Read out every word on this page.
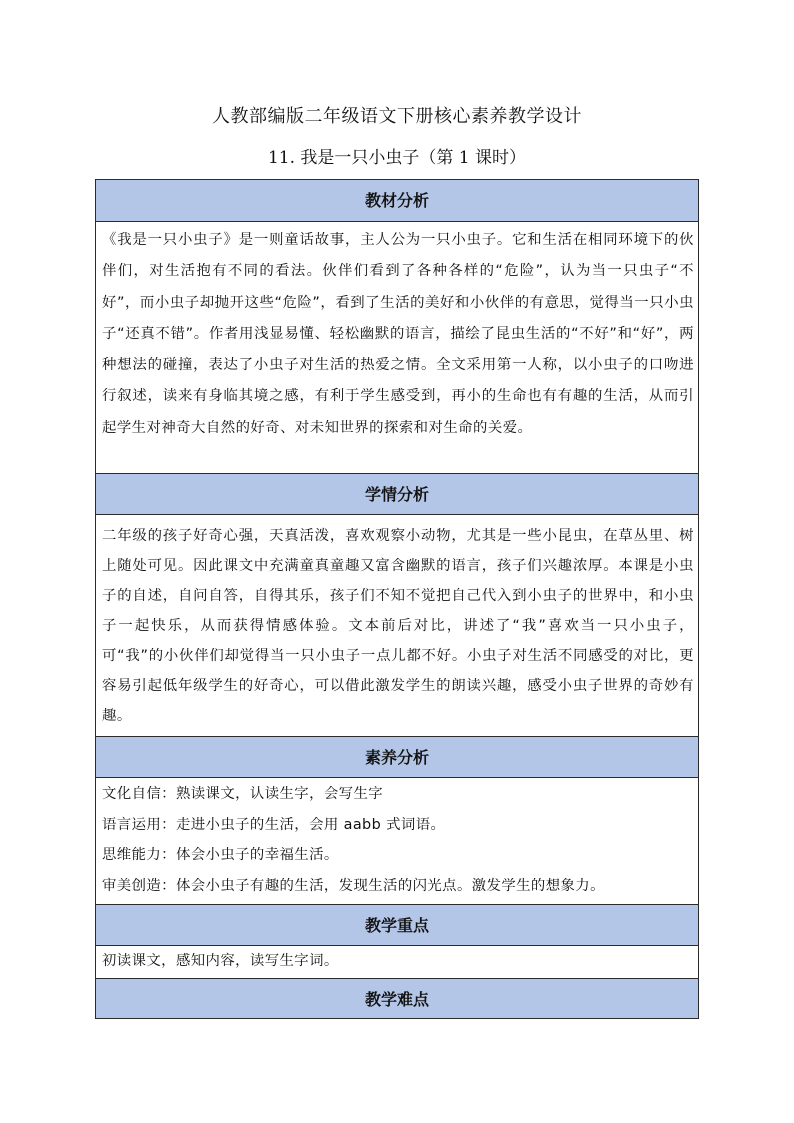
人教部编版二年级语文下册核心素养教学设计
11. 我是一只小虫子（第 1 课时）
教材分析

《我是一只小虫子》是一则童话故事，主人公为一只小虫子。它和生活在相同环境下的伙伴们，对生活抱有不同的看法。伙伴们看到了各种各样的“危险”，认为当一只虫子“不好”，而小虫子却抛开这些“危险”，看到了生活的美好和小伙伴的有意思，觉得当一只小虫子“还真不错”。作者用浅显易懂、轻松幽默的语言，描绘了昆虫生活的“不好”和“好”，两种想法的碰撞，表达了小虫子对生活的热爱之情。全文采用第一人称，以小虫子的口吻进行叙述，读来有身临其境之感，有利于学生感受到，再小的生命也有有趣的生活，从而引起学生对神奇大自然的好奇、对未知世界的探索和对生命的关爱。

学情分析

二年级的孩子好奇心强，天真活泼，喜欢观察小动物，尤其是一些小昆虫，在草丛里、树上随处可见。因此课文中充满童真童趣又富含幽默的语言，孩子们兴趣浓厚。本课是小虫子的自述，自问自答，自得其乐，孩子们不知不觉把自己代入到小虫子的世界中，和小虫子一起快乐，从而获得情感体验。文本前后对比，讲述了“我”喜欢当一只小虫子，可“我”的小伙伴们却觉得当一只小虫子一点儿都不好。小虫子对生活不同感受的对比，更容易引起低年级学生的好奇心，可以借此激发学生的朗读兴趣，感受小虫子世界的奇妙有趣。

素养分析

文化自信：熟读课文，认读生字，会写生字
语言运用：走进小虫子的生活，会用 aabb 式词语。
思维能力：体会小虫子的幸福生活。
审美创造：体会小虫子有趣的生活，发现生活的闪光点。激发学生的想象力。

教学重点

初读课文，感知内容，读写生字词。

教学难点
